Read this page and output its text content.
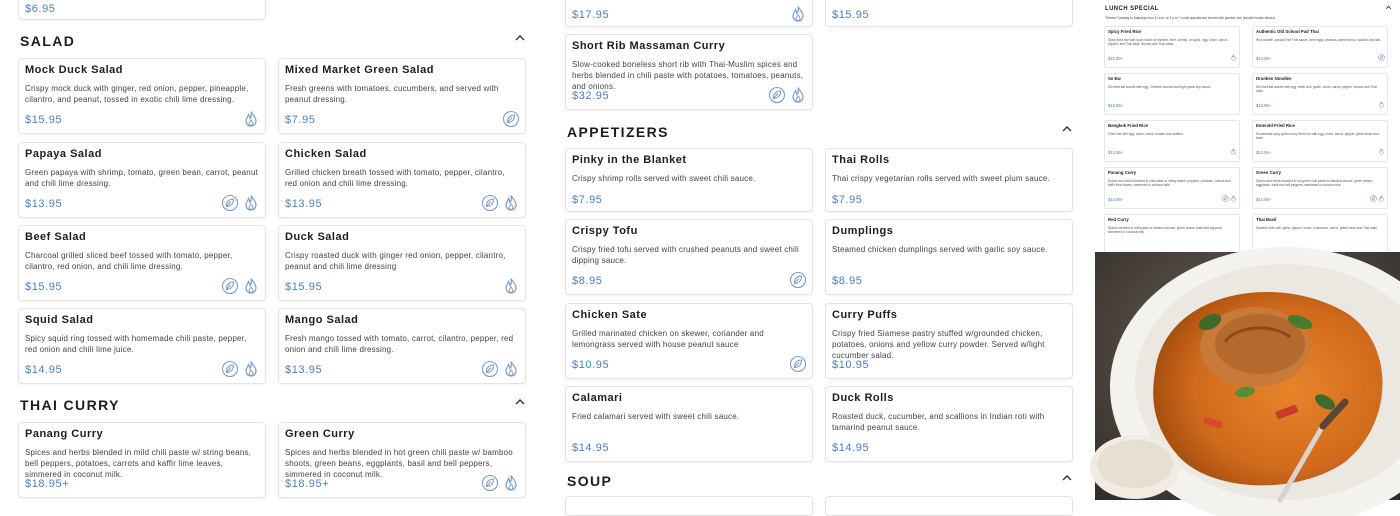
$6.95
SALAD
Mock Duck Salad
Crispy mock duck with ginger, red onion, pepper, pineapple, cilantro, and peanut, tossed in exotic chili lime dressing.
$15.95
Mixed Market Green Salad
Fresh greens with tomatoes, cucumbers, and served with peanut dressing.
$7.95
Papaya Salad
Green papaya with shrimp, tomato, green bean, carrot, peanut and chili lime dressing.
$13.95
Chicken Salad
Grilled chicken breath tossed with tomato, pepper, cilantro, red onion and chili lime dressing.
$13.95
Beef Salad
Charcoal grilled sliced beef tossed with tomato, pepper, cilantro, red onion, and chili lime dressing.
$15.95
Duck Salad
Crispy roasted duck with ginger red onion, pepper, cilantro, peanut and chili lime dressing
$15.95
Squid Salad
Spicy squid ring tossed with homemade chili paste, pepper, red onion and chili lime juice.
$14.95
Mango Salad
Fresh mango tossed with tomato, carrot, cilantro, pepper, red onion and chili lime dressing.
$13.95
THAI CURRY
Panang Curry
Spices and herbs blended in mild chili paste w/ string beans, bell peppers, potatoes, carrots and kaffir lime leaves, simmered in coconut milk.
$18.95+
Green Curry
Spices and herbs blended in hot green chili paste w/ bamboo shoots, green beans, eggplants, basil and bell peppers, simmered in coconut milk.
$18.95+
$17.95	$15.95
Short Rib Massaman Curry
Slow-cooked boneless short rib with Thai-Muslim spices and herbs blended in chili paste with potatoes, tomatoes, peanuts, and onions.
$32.95
APPETIZERS
Pinky in the Blanket
Crispy shrimp rolls served with sweet chili sauce.
$7.95
Thai Rolls
Thai crispy vegetarian rolls served with sweet plum sauce.
$7.95
Crispy Tofu
Crispy fried tofu served with crushed peanuts and sweet chili dipping sauce.
$8.95
Dumplings
Steamed chicken dumplings served with garlic soy sauce.
$8.95
Chicken Sate
Grilled marinated chicken on skewer, coriander and lemongrass served with house peanut sauce
$10.95
Curry Puffs
Crispy fried Siamese pastry stuffed w/grounded chicken, potatoes, onions and yellow curry powder. Served w/light cucumber salad.
$10.95
Calamari
Fried calamari served with sweet chili sauce.
$14.95
Duck Rolls
Roasted duck, cucumber, and scallions in Indian roti with tamarind peanut sauce.
$14.95
SOUP
LUNCH SPECIAL
*Served Tuesday to Saturday from 11 a.m. to 3 p.m.* Lunch specials are served with jasmine rice (except noodle dishes).
Spicy Fried Rice
Spicy fried rice with your choice of chicken, beef, shrimp, or squid, egg, onion, carrot, pepper, and Thai basil. Served with Thai salad.
$22.90+
Authentic Old School Pad Thai
Rice noodle, special Pad Thai sauce, farm eggs, peanuts, sweet turnip, scallion and tofu.
$13.95+
Se Ew
Stir fried flat noodle with egg, Chinese broccoli and light garlic soy sauce.
$13.95+
Drunken Noodles
Stir fried flat noodle with egg, fresh chili, garlic, onion, carrot, pepper, tomato and Thai basil.
$13.95+
Bangkok Fried Rice
Fried rice with egg, onion, carrot, tomato and scallion.
$13.95+
Emerald Fried Rice
Homemade spicy green curry fried rice with egg, onion, carrot, pepper, green bean and basil.
$13.95+
Panang Curry
Spices and herbs blended in chili paste w/ string beans, peppers, potatoes, carrots and kaffir lime leaves, simmered in coconut milk.
$14.95+
Green Curry
Spices and herbs blended in hot green chili paste w/ bamboo shoots, green beans, eggplants, basil and bell peppers, simmered in coconut milk.
$14.95+
Red Curry
Spices blended in chili paste w/ bamboo shoots, green beans, basil and peppers, simmered in coconut milk.
Thai Basil
Sauteed with chili, garlic, pepper, onion, mushroom, carrot, green bean and Thai basil.
